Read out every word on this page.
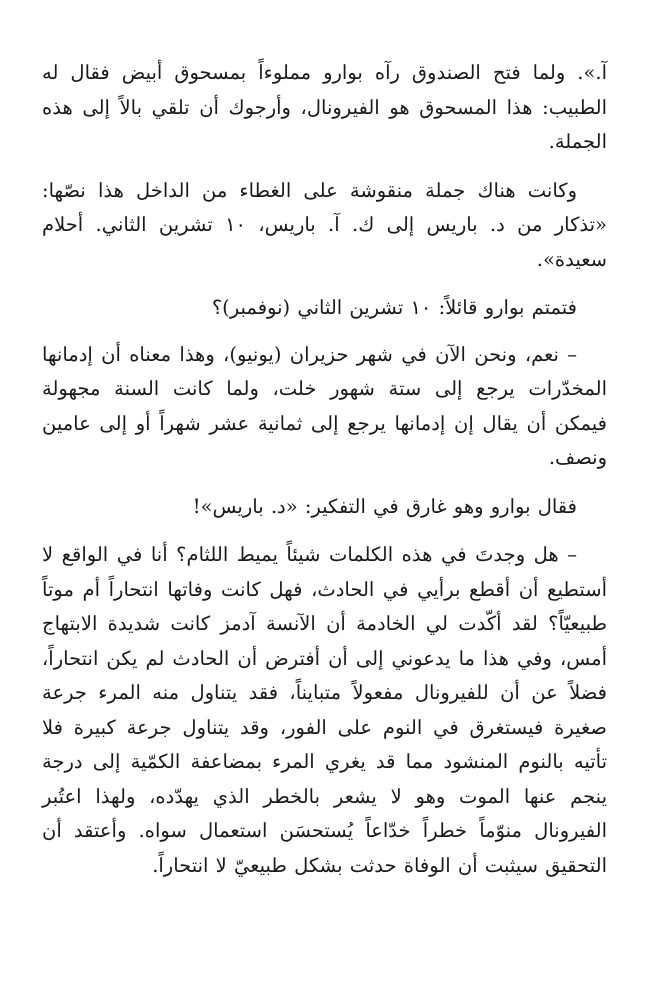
آ.». ولما فتح الصندوق رآه بوارو مملوءاً بمسحوق أبيض فقال له الطبيب: هذا المسحوق هو الفيرونال، وأرجوك أن تلقي بالاً إلى هذه الجملة.

وكانت هناك جملة منقوشة على الغطاء من الداخل هذا نصّها: «تذكار من د. باريس إلى ك. آ. باريس، ١٠ تشرين الثاني. أحلام سعيدة».

فتمتم بوارو قائلاً: ١٠ تشرين الثاني (نوفمبر)؟

– نعم، ونحن الآن في شهر حزيران (يونيو)، وهذا معناه أن إدمانها المخدّرات يرجع إلى ستة شهور خلت، ولما كانت السنة مجهولة فيمكن أن يقال إن إدمانها يرجع إلى ثمانية عشر شهراً أو إلى عامين ونصف.

فقال بوارو وهو غارق في التفكير: «د. باريس»!

– هل وجدتَ في هذه الكلمات شيئاً يميط اللثام؟ أنا في الواقع لا أستطيع أن أقطع برأيي في الحادث، فهل كانت وفاتها انتحاراً أم موتاً طبيعيّاً؟ لقد أكّدت لي الخادمة أن الآنسة آدمز كانت شديدة الابتهاج أمس، وفي هذا ما يدعوني إلى أن أفترض أن الحادث لم يكن انتحاراً، فضلاً عن أن للفيرونال مفعولاً متبايناً، فقد يتناول منه المرء جرعة صغيرة فيستغرق في النوم على الفور، وقد يتناول جرعة كبيرة فلا تأتيه بالنوم المنشود مما قد يغري المرء بمضاعفة الكمّية إلى درجة ينجم عنها الموت وهو لا يشعر بالخطر الذي يهدّده، ولهذا اعتُبر الفيرونال منوّماً خطراً خدّاعاً يُستحسَن استعمال سواه. وأعتقد أن التحقيق سيثبت أن الوفاة حدثت بشكل طبيعيّ لا انتحاراً.
